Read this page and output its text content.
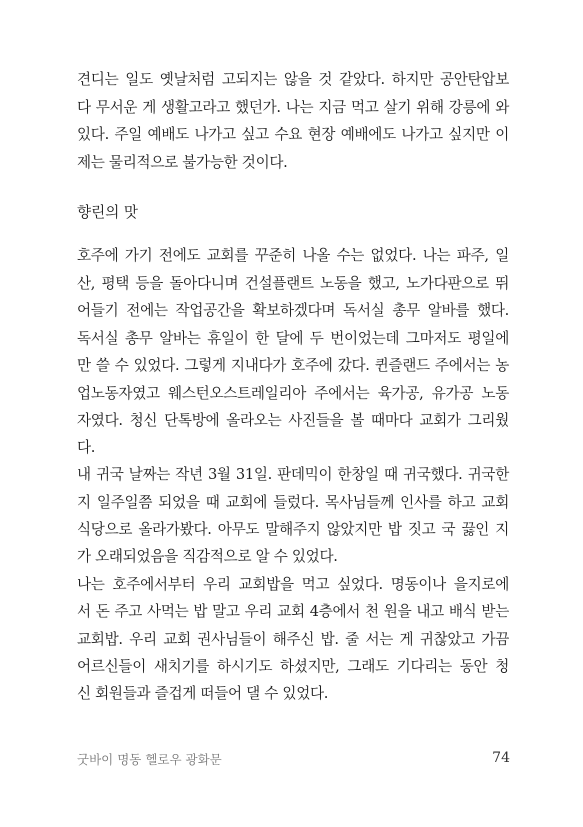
견디는 일도 옛날처럼 고되지는 않을 것 같았다. 하지만 공안탄압보
다 무서운 게 생활고라고 했던가. 나는 지금 먹고 살기 위해 강릉에 와
있다. 주일 예배도 나가고 싶고 수요 현장 예배에도 나가고 싶지만 이
제는 물리적으로 불가능한 것이다.
향린의 맛
호주에 가기 전에도 교회를 꾸준히 나올 수는 없었다. 나는 파주, 일
산, 평택 등을 돌아다니며 건설플랜트 노동을 했고, 노가다판으로 뛰
어들기 전에는 작업공간을 확보하겠다며 독서실 총무 알바를 했다.
독서실 총무 알바는 휴일이 한 달에 두 번이었는데 그마저도 평일에
만 쓸 수 있었다. 그렇게 지내다가 호주에 갔다. 퀸즐랜드 주에서는 농
업노동자였고 웨스턴오스트레일리아 주에서는 육가공, 유가공 노동
자였다. 청신 단톡방에 올라오는 사진들을 볼 때마다 교회가 그리웠
다.
내 귀국 날짜는 작년 3월 31일. 판데믹이 한창일 때 귀국했다. 귀국한
지 일주일쯤 되었을 때 교회에 들렀다. 목사님들께 인사를 하고 교회
식당으로 올라가봤다. 아무도 말해주지 않았지만 밥 짓고 국 끓인 지
가 오래되었음을 직감적으로 알 수 있었다.
나는 호주에서부터 우리 교회밥을 먹고 싶었다. 명동이나 을지로에
서 돈 주고 사먹는 밥 말고 우리 교회 4층에서 천 원을 내고 배식 받는
교회밥. 우리 교회 권사님들이 해주신 밥. 줄 서는 게 귀찮았고 가끔
어르신들이 새치기를 하시기도 하셨지만, 그래도 기다리는 동안 청
신 회원들과 즐겁게 떠들어 댈 수 있었다.
굿바이 명동 헬로우 광화문	74
